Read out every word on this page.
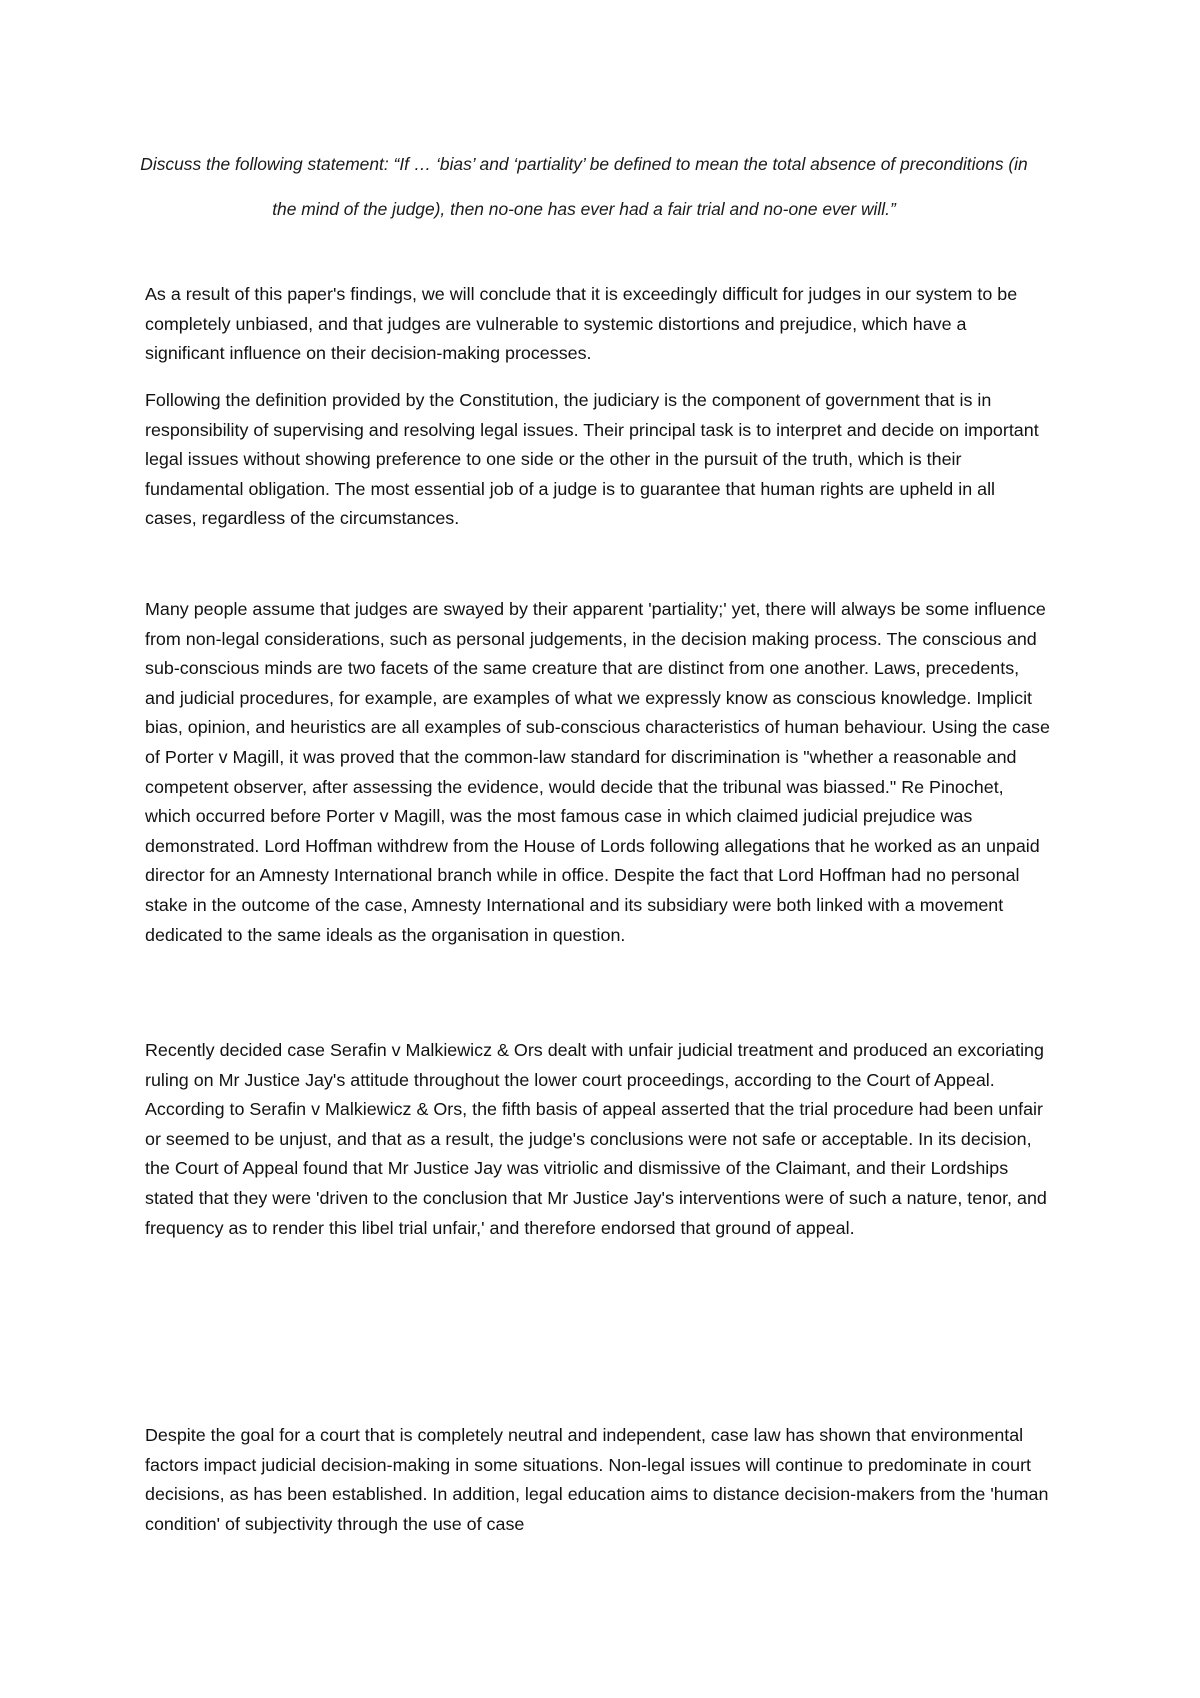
Discuss the following statement: “If … ‘bias’ and ‘partiality’ be defined to mean the total absence of preconditions (in the mind of the judge), then no-one has ever had a fair trial and no-one ever will.”

As a result of this paper's findings, we will conclude that it is exceedingly difficult for judges in our system to be completely unbiased, and that judges are vulnerable to systemic distortions and prejudice, which have a significant influence on their decision-making processes.

Following the definition provided by the Constitution, the judiciary is the component of government that is in responsibility of supervising and resolving legal issues. Their principal task is to interpret and decide on important legal issues without showing preference to one side or the other in the pursuit of the truth, which is their fundamental obligation. The most essential job of a judge is to guarantee that human rights are upheld in all cases, regardless of the circumstances.

Many people assume that judges are swayed by their apparent 'partiality;' yet, there will always be some influence from non-legal considerations, such as personal judgements, in the decision making process. The conscious and sub-conscious minds are two facets of the same creature that are distinct from one another. Laws, precedents, and judicial procedures, for example, are examples of what we expressly know as conscious knowledge. Implicit bias, opinion, and heuristics are all examples of sub-conscious characteristics of human behaviour. Using the case of Porter v Magill, it was proved that the common-law standard for discrimination is "whether a reasonable and competent observer, after assessing the evidence, would decide that the tribunal was biassed." Re Pinochet, which occurred before Porter v Magill, was the most famous case in which claimed judicial prejudice was demonstrated. Lord Hoffman withdrew from the House of Lords following allegations that he worked as an unpaid director for an Amnesty International branch while in office. Despite the fact that Lord Hoffman had no personal stake in the outcome of the case, Amnesty International and its subsidiary were both linked with a movement dedicated to the same ideals as the organisation in question.

Recently decided case Serafin v Malkiewicz & Ors dealt with unfair judicial treatment and produced an excoriating ruling on Mr Justice Jay's attitude throughout the lower court proceedings, according to the Court of Appeal. According to Serafin v Malkiewicz & Ors, the fifth basis of appeal asserted that the trial procedure had been unfair or seemed to be unjust, and that as a result, the judge's conclusions were not safe or acceptable. In its decision, the Court of Appeal found that Mr Justice Jay was vitriolic and dismissive of the Claimant, and their Lordships stated that they were 'driven to the conclusion that Mr Justice Jay's interventions were of such a nature, tenor, and frequency as to render this libel trial unfair,' and therefore endorsed that ground of appeal.

Despite the goal for a court that is completely neutral and independent, case law has shown that environmental factors impact judicial decision-making in some situations. Non-legal issues will continue to predominate in court decisions, as has been established. In addition, legal education aims to distance decision-makers from the 'human condition' of subjectivity through the use of case
